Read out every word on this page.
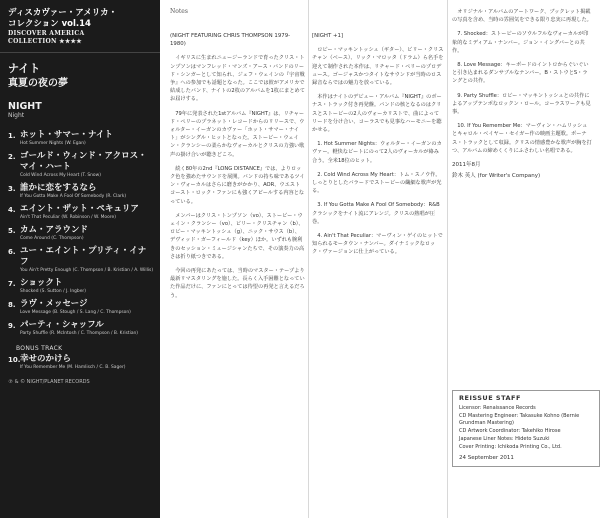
ディスカヴァー・アメリカ・
コレクション vol.14
DISCOVER AMERICA
COLLECTION ★★★★
ナイト
真夏の夜の夢
NIGHT
Night
1. ホット・サマー・ナイト
Hot Summer Nights (W. Egan)
2. ゴールド・ウィンド・アクロス・マイ・ハート
Cold Wind Across My Heart (T. Snow)
3. 誰かに恋をするなら
If You Gotta Make A Fool Of Somebody (R. Clark)
4. エイント・ザット・ペキュリア
Ain't That Peculiar (W. Robinson / W. Moore)
5. カム・アラウンド
Come Around (C. Thompson)
6. ユー・エイント・プリティ・イナフ
You Ain't Pretty Enough (C. Thompson / B. Kristian / A. Willis)
7. ショックト
Shocked (S. Sutton / J. Ingber)
8. ラヴ・メッセージ
Love Message (B. Stough / S. Lang / C. Thompson)
9. パーティ・シャッフル
Party Shuffle (R. McIntosh / C. Thompson / B. Kristian)
BONUS TRACK
10. 幸せのかけら
If You Remember Me (M. Hamlisch / C. B. Sager)
℗ & © NIGHT/PLANET RECORDS
Notes
(NIGHT FEATURING CHRIS THOMPSON 1979-1980)

イギリスに生まれニュージーランドで育ったクリス・トンプソンはマンフレッド・マンズ・アース・バンドのリード・シンガーとして知られ、ジェフ・ウェインの『宇宙戦争』への参加でも話題となった。ここでは彼がアメリカで結成したバンド、ナイトの2枚のアルバムを1枚にまとめてお届けする。

79年に発表された1stアルバム『NIGHT』は、リチャード・ペリーのプラネット・レコードからのリリースで、ウォルター・イーガンのカヴァー「ホット・サマー・ナイト」がシングル・ヒットとなった。ストービー・ウェイン・クランシーの柔らかなヴォーカルとクリスの力強い歌声の掛け合いが聴きどころ。

続く80年の2nd『LONG DISTANCE』では、よりロック色を強めたサウンドを展開。バンドの持ち味であるツイン・ヴォーカルはさらに磨きがかかり、AOR、ウエストコースト・ロック・ファンにも強くアピールする内容となっている。

メンバーはクリス・トンプソン（vo）、ストービー・ウェイン・クランシー（vo）、ビリー・クリスチャン（b）、ロビー・マッキントッシュ（g）、ニック・サウス（b）、デヴィッド・ガーフィールド（key）ほか。いずれも腕利きのセッション・ミュージシャンたちで、その演奏力の高さは折り紙つきである。

今回の再発にあたっては、当時のマスター・テープより最新リマスタリングを施した。長らく入手困難となっていた作品だけに、ファンにとっては待望の再発と言えるだろう。

[NIGHT +1]

ロビー・マッキントッシュ（ギター）、ビリー・クリスチャン（ベース）、リック・マロッタ（ドラム）ら名手を迎えて制作された本作は、リチャード・ペリーのプロデュース。ゴージャスかつタイトなサウンドが当時のロス録音ならではの魅力を放っている。

本作はナイトのデビュー・アルバム『NIGHT』のボーナス・トラック付き再発盤。バンドの核となるのはクリスとストービーの2人のヴォーカリストで、曲によってリードを分け合い、コーラスでも見事なハーモニーを聴かせる。

1. Hot Summer Nights：ウォルター・イーガンのカヴァー。軽快なビートにのって2人のヴォーカルが絡み合う。全米18位のヒット。

2. Cold Wind Across My Heart：トム・スノウ作。しっとりとしたバラードでストービーの繊細な歌声が光る。

3. If You Gotta Make A Fool Of Somebody：R&Bクラシックをナイト流にアレンジ。クリスの熱唱が圧巻。

4. Ain't That Peculiar：マーヴィン・ゲイのヒットで知られるモータウン・ナンバー。ダイナミックなロック・ヴァージョンに仕上がっている。

オリジナル・アルバムのアートワーク、ブックレット掲載の写真を含め、当時の雰囲気をできる限り忠実に再現した。

7. Shocked：ストービーのソウルフルなヴォーカルが印象的なミディアム・ナンバー。ジョン・イングバーとの共作。

8. Love Message：キーボードのイントロからぐいぐいと引き込まれるダンサブルなナンバー。B・ストウとS・ラングとの共作。

9. Party Shuffle：ロビー・マッキントッシュとの共作によるアップテンポなロックン・ロール。コーラスワークも見事。

10. If You Remember Me：マーヴィン・ハムリッシュとキャロル・ベイヤー・セイガー作の映画主題歌。ボーナス・トラックとして収録。クリスの情感豊かな歌声が胸を打つ、アルバムの締めくくりにふさわしい名唱である。

2011年8月
鈴木 英人 (for Writer's Company)
REISSUE STAFF
Licensor: Renaissance Records
CD Mastering Engineer: Takasuke Kohno (Bernie Grundman Mastering)
CD Artwork Coordinator: Takehiko Hirose
Japanese Liner Notes: Hideto Suzuki
Cover Printing: Ichikoda Printing Co., Ltd.
24 September 2011
